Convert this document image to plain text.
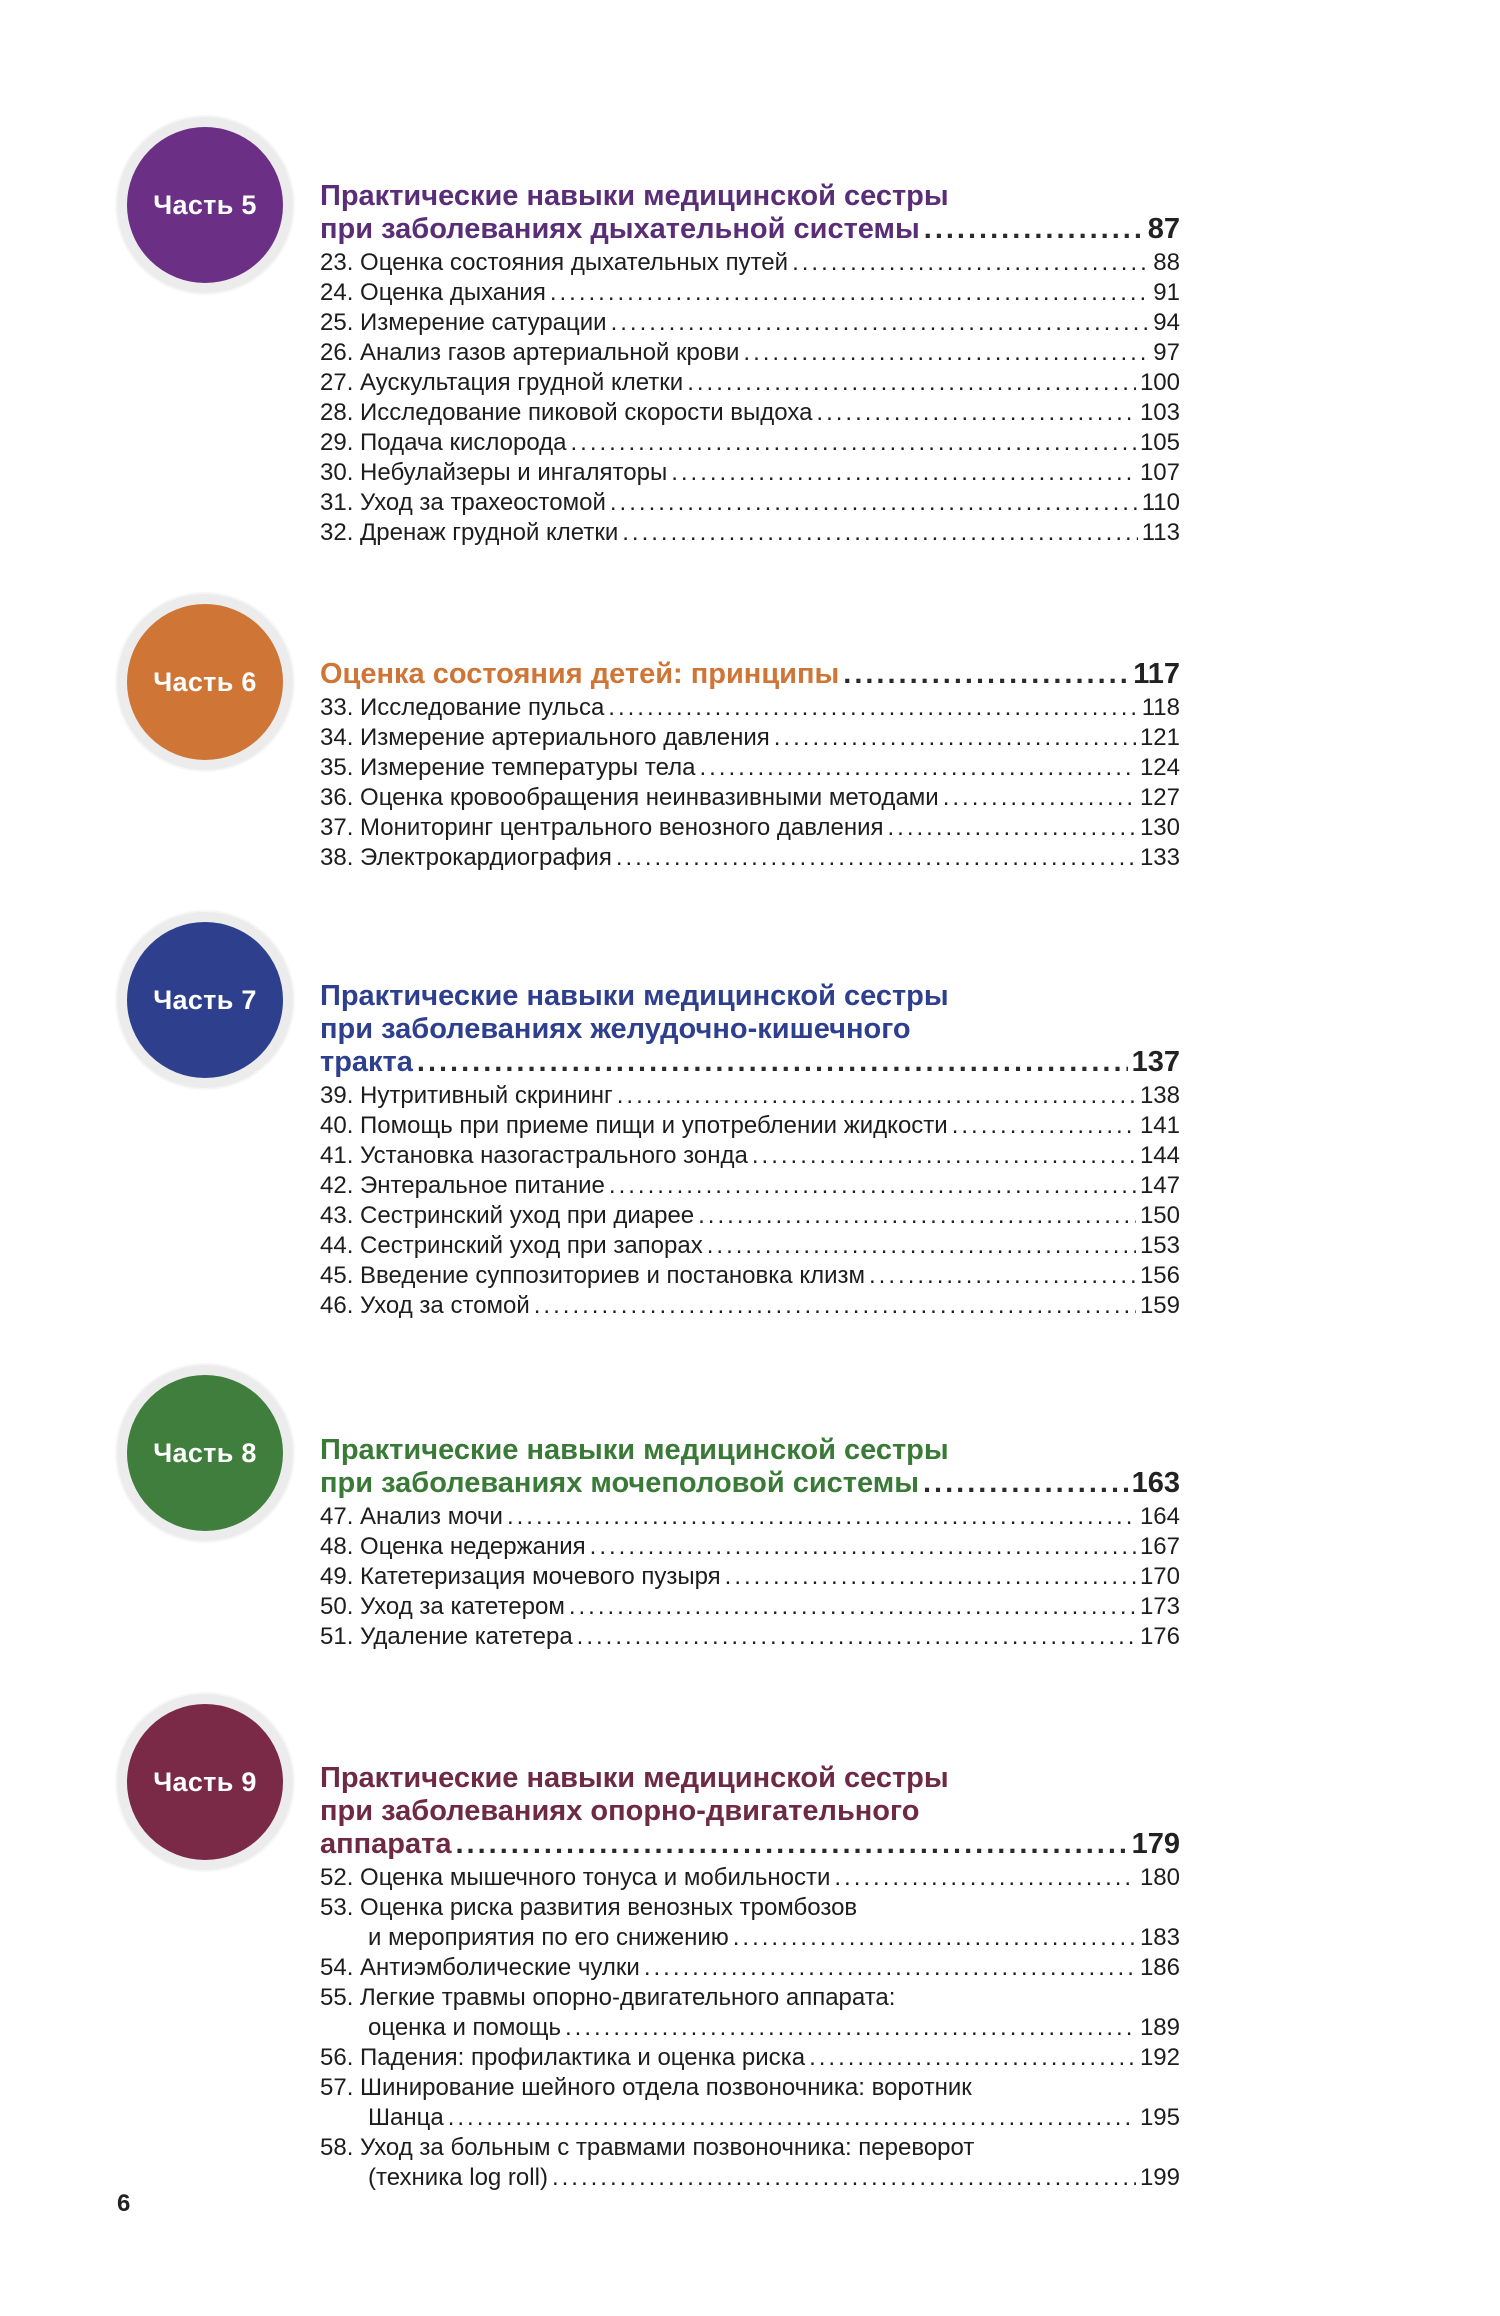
Часть 5
Часть 6
Часть 7
Часть 8
Часть 9
Практические навыки медицинской сестры
при заболеваниях дыхательной системы .....	87
23. Оценка состояния дыхательных путей .....	88
24. Оценка дыхания .....	91
25. Измерение сатурации .....	94
26. Анализ газов артериальной крови .....	97
27. Аускультация грудной клетки .....	100
28. Исследование пиковой скорости выдоха .....	103
29. Подача кислорода .....	105
30. Небулайзеры и ингаляторы .....	107
31. Уход за трахеостомой .....	110
32. Дренаж грудной клетки .....	113
Оценка состояния детей: принципы .....	117
33. Исследование пульса .....	118
34. Измерение артериального давления .....	121
35. Измерение температуры тела .....	124
36. Оценка кровообращения неинвазивными методами .....	127
37. Мониторинг центрального венозного давления .....	130
38. Электрокардиография .....	133
Практические навыки медицинской сестры
при заболеваниях желудочно-кишечного
тракта .....	137
39. Нутритивный скрининг .....	138
40. Помощь при приеме пищи и употреблении жидкости .....	141
41. Установка назогастрального зонда .....	144
42. Энтеральное питание .....	147
43. Сестринский уход при диарее .....	150
44. Сестринский уход при запорах .....	153
45. Введение суппозиториев и постановка клизм .....	156
46. Уход за стомой .....	159
Практические навыки медицинской сестры
при заболеваниях мочеполовой системы .....	163
47. Анализ мочи .....	164
48. Оценка недержания .....	167
49. Катетеризация мочевого пузыря .....	170
50. Уход за катетером .....	173
51. Удаление катетера .....	176
Практические навыки медицинской сестры
при заболеваниях опорно-двигательного
аппарата .....	179
52. Оценка мышечного тонуса и мобильности .....	180
53. Оценка риска развития венозных тромбозов
и мероприятия по его снижению .....	183
54. Антиэмболические чулки .....	186
55. Легкие травмы опорно-двигательного аппарата:
оценка и помощь .....	189
56. Падения: профилактика и оценка риска .....	192
57. Шинирование шейного отдела позвоночника: воротник
Шанца .....	195
58. Уход за больным с травмами позвоночника: переворот
(техника log roll) .....	199
6
